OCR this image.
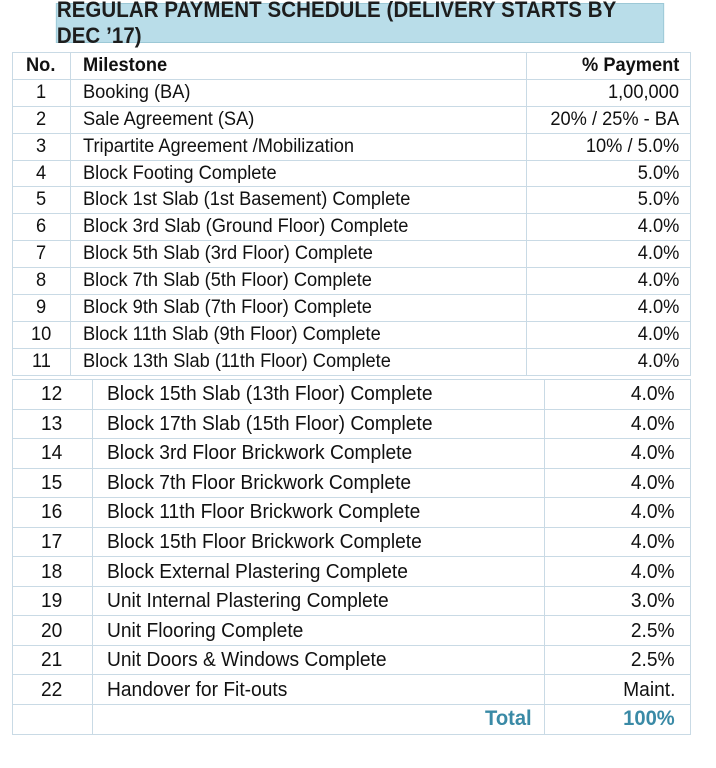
REGULAR PAYMENT SCHEDULE (DELIVERY STARTS BY DEC ’17)
No.	Milestone	% Payment
1	Booking (BA)	1,00,000
2	Sale Agreement (SA)	20% / 25% - BA
3	Tripartite Agreement /Mobilization	10% / 5.0%
4	Block Footing Complete	5.0%
5	Block 1st Slab (1st Basement) Complete	5.0%
6	Block 3rd Slab (Ground Floor) Complete	4.0%
7	Block 5th Slab (3rd Floor) Complete	4.0%
8	Block 7th Slab (5th Floor) Complete	4.0%
9	Block 9th Slab (7th Floor) Complete	4.0%
10	Block 11th Slab (9th Floor) Complete	4.0%
11	Block 13th Slab (11th Floor) Complete	4.0%
12	Block 15th Slab (13th Floor) Complete	4.0%
13	Block 17th Slab (15th Floor) Complete	4.0%
14	Block 3rd Floor Brickwork Complete	4.0%
15	Block 7th Floor Brickwork Complete	4.0%
16	Block 11th Floor Brickwork Complete	4.0%
17	Block 15th Floor Brickwork Complete	4.0%
18	Block External Plastering Complete	4.0%
19	Unit Internal Plastering Complete	3.0%
20	Unit Flooring Complete	2.5%
21	Unit Doors & Windows Complete	2.5%
22	Handover for Fit-outs	Maint.
	Total	100%
